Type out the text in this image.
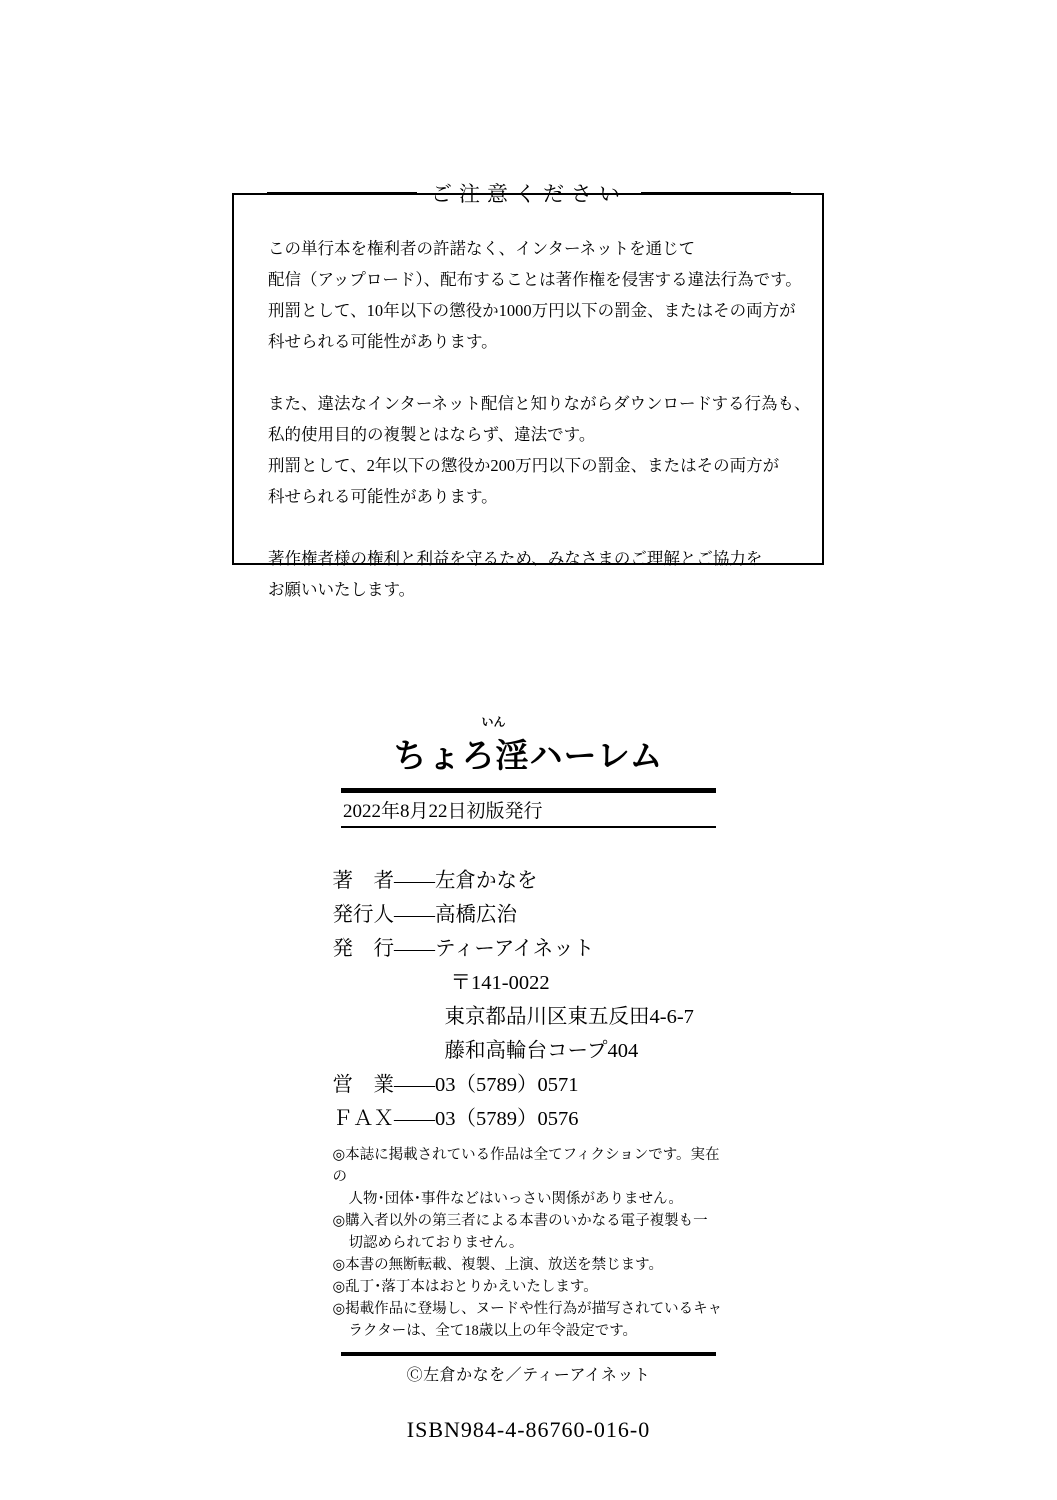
ご注意ください
この単行本を権利者の許諾なく、インターネットを通じて
配信（アップロード）、配布することは著作権を侵害する違法行為です。
刑罰として、10年以下の懲役か1000万円以下の罰金、またはその両方が
科せられる可能性があります。
また、違法なインターネット配信と知りながらダウンロードする行為も、
私的使用目的の複製とはならず、違法です。
刑罰として、2年以下の懲役か200万円以下の罰金、またはその両方が
科せられる可能性があります。
著作権者様の権利と利益を守るため、みなさまのご理解とご協力を
お願いいたします。
いん
ちょろ淫ハーレム
2022年8月22日初版発行
著　者——左倉かなを
発行人——高橋広治
発　行——ティーアイネット
〒141-0022
東京都品川区東五反田4-6-7
藤和高輪台コープ404
営　業——03（5789）0571
ＦＡＸ——03（5789）0576
◎本誌に掲載されている作品は全てフィクションです。実在の
人物･団体･事件などはいっさい関係がありません。
◎購入者以外の第三者による本書のいかなる電子複製も一
切認められておりません。
◎本書の無断転載、複製、上演、放送を禁じます。
◎乱丁･落丁本はおとりかえいたします。
◎掲載作品に登場し、ヌードや性行為が描写されているキャ
ラクターは、全て18歳以上の年令設定です。
Ⓒ左倉かなを／ティーアイネット
ISBN984-4-86760-016-0
